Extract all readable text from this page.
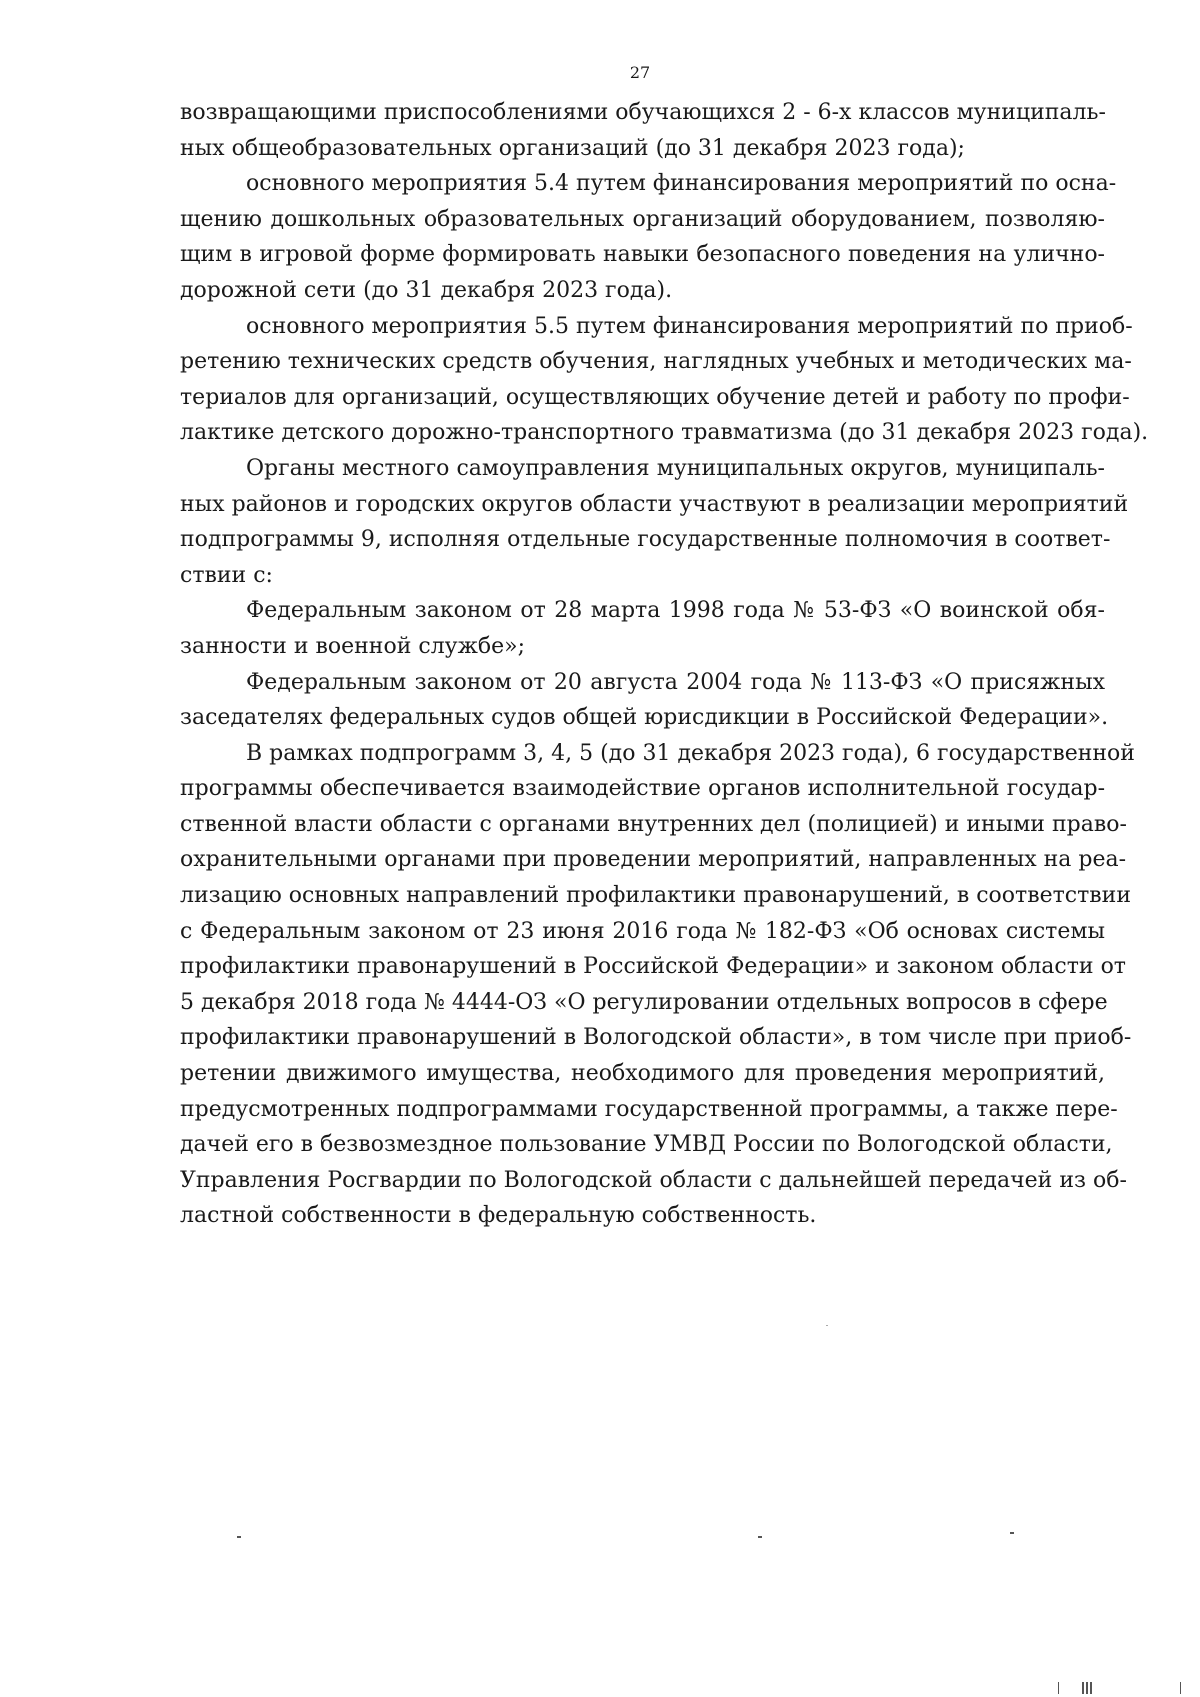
27
возвращающими приспособлениями обучающихся 2 - 6-х классов муниципаль-
ных общеобразовательных организаций (до 31 декабря 2023 года);
основного мероприятия 5.4 путем финансирования мероприятий по осна-
щению дошкольных образовательных организаций оборудованием, позволяю-
щим в игровой форме формировать навыки безопасного поведения на улично-
дорожной сети (до 31 декабря 2023 года).
основного мероприятия 5.5 путем финансирования мероприятий по приоб-
ретению технических средств обучения, наглядных учебных и методических ма-
териалов для организаций, осуществляющих обучение детей и работу по профи-
лактике детского дорожно-транспортного травматизма (до 31 декабря 2023 года).
Органы местного самоуправления муниципальных округов, муниципаль-
ных районов и городских округов области участвуют в реализации мероприятий
подпрограммы 9, исполняя отдельные государственные полномочия в соответ-
ствии с:
Федеральным законом от 28 марта 1998 года № 53-ФЗ «О воинской обя-
занности и военной службе»;
Федеральным законом от 20 августа 2004 года № 113-ФЗ «О присяжных
заседателях федеральных судов общей юрисдикции в Российской Федерации».
В рамках подпрограмм 3, 4, 5 (до 31 декабря 2023 года), 6 государственной
программы обеспечивается взаимодействие органов исполнительной государ-
ственной власти области с органами внутренних дел (полицией) и иными право-
охранительными органами при проведении мероприятий, направленных на реа-
лизацию основных направлений профилактики правонарушений, в соответствии
с Федеральным законом от 23 июня 2016 года № 182-ФЗ «Об основах системы
профилактики правонарушений в Российской Федерации» и законом области от
5 декабря 2018 года № 4444-ОЗ «О регулировании отдельных вопросов в сфере
профилактики правонарушений в Вологодской области», в том числе при приоб-
ретении движимого имущества, необходимого для проведения мероприятий,
предусмотренных подпрограммами государственной программы, а также пере-
дачей его в безвозмездное пользование УМВД России по Вологодской области,
Управления Росгвардии по Вологодской области с дальнейшей передачей из об-
ластной собственности в федеральную собственность.
